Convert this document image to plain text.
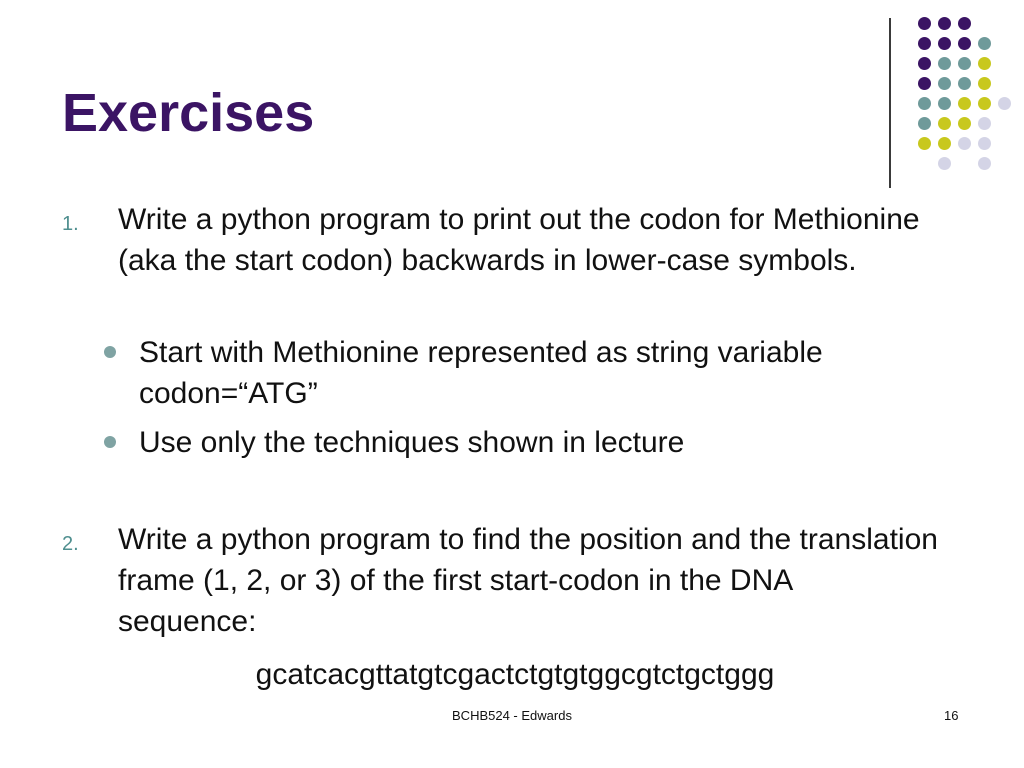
Exercises
1. Write a python program to print out the codon for Methionine (aka the start codon) backwards in lower-case symbols.

Start with Methionine represented as string variable codon=“ATG”

Use only the techniques shown in lecture

2. Write a python program to find the position and the translation frame (1, 2, or 3) of the first start-codon in the DNA sequence:

gcatcacgttatgtcgactctgtgtggcgtctgctggg
BCHB524 - Edwards	16
